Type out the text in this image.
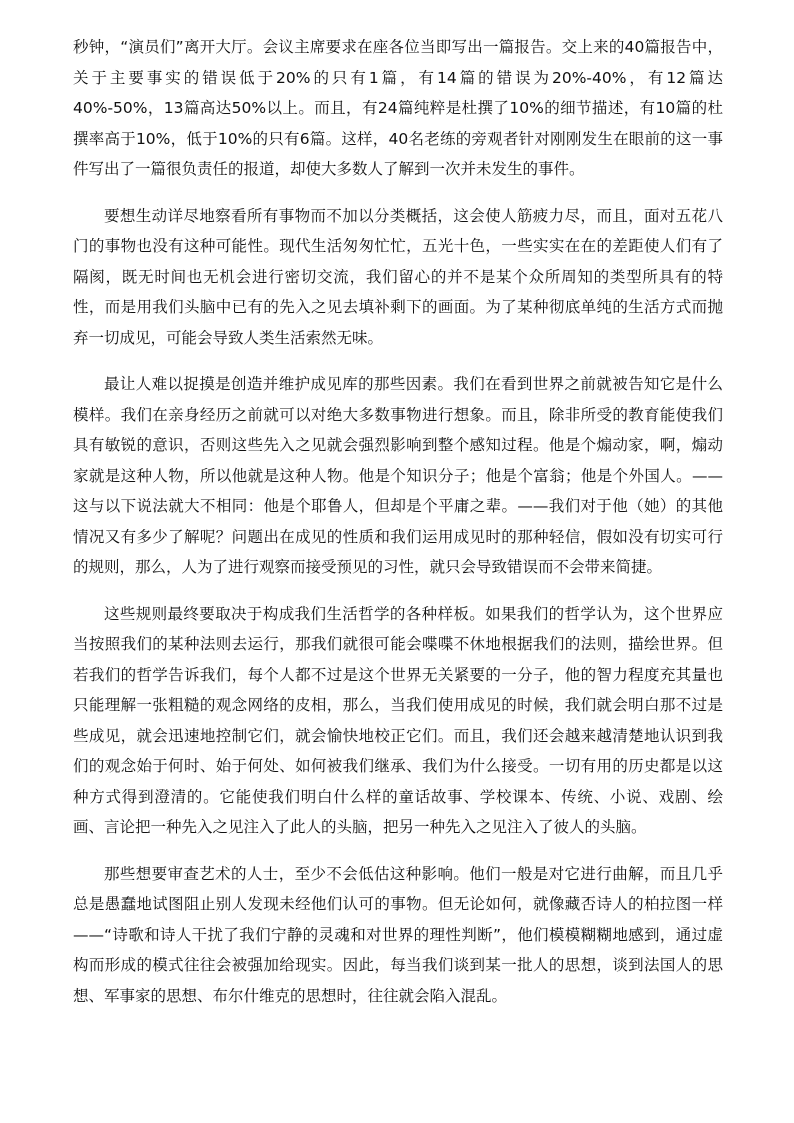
秒钟，“演员们”离开大厅。会议主席要求在座各位当即写出一篇报告。交上来的40篇报告中，关于主要事实的错误低于20%的只有1篇，有14篇的错误为20%-40%，有12篇达40%-50%，13篇高达50%以上。而且，有24篇纯粹是杜撰了10%的细节描述，有10篇的杜撰率高于10%，低于10%的只有6篇。这样，40名老练的旁观者针对刚刚发生在眼前的这一事件写出了一篇很负责任的报道，却使大多数人了解到一次并未发生的事件。

要想生动详尽地察看所有事物而不加以分类概括，这会使人筋疲力尽，而且，面对五花八门的事物也没有这种可能性。现代生活匆匆忙忙，五光十色，一些实实在在的差距使人们有了隔阂，既无时间也无机会进行密切交流，我们留心的并不是某个众所周知的类型所具有的特性，而是用我们头脑中已有的先入之见去填补剩下的画面。为了某种彻底单纯的生活方式而抛弃一切成见，可能会导致人类生活索然无味。

最让人难以捉摸是创造并维护成见库的那些因素。我们在看到世界之前就被告知它是什么模样。我们在亲身经历之前就可以对绝大多数事物进行想象。而且，除非所受的教育能使我们具有敏锐的意识，否则这些先入之见就会强烈影响到整个感知过程。他是个煽动家，啊，煽动家就是这种人物，所以他就是这种人物。他是个知识分子；他是个富翁；他是个外国人。——这与以下说法就大不相同：他是个耶鲁人，但却是个平庸之辈。——我们对于他（她）的其他情况又有多少了解呢？问题出在成见的性质和我们运用成见时的那种轻信，假如没有切实可行的规则，那么，人为了进行观察而接受预见的习性，就只会导致错误而不会带来简捷。

这些规则最终要取决于构成我们生活哲学的各种样板。如果我们的哲学认为，这个世界应当按照我们的某种法则去运行，那我们就很可能会喋喋不休地根据我们的法则，描绘世界。但若我们的哲学告诉我们，每个人都不过是这个世界无关紧要的一分子，他的智力程度充其量也只能理解一张粗糙的观念网络的皮相，那么，当我们使用成见的时候，我们就会明白那不过是些成见，就会迅速地控制它们，就会愉快地校正它们。而且，我们还会越来越清楚地认识到我们的观念始于何时、始于何处、如何被我们继承、我们为什么接受。一切有用的历史都是以这种方式得到澄清的。它能使我们明白什么样的童话故事、学校课本、传统、小说、戏剧、绘画、言论把一种先入之见注入了此人的头脑，把另一种先入之见注入了彼人的头脑。

那些想要审查艺术的人士，至少不会低估这种影响。他们一般是对它进行曲解，而且几乎总是愚蠢地试图阻止别人发现未经他们认可的事物。但无论如何，就像藏否诗人的柏拉图一样——“诗歌和诗人干扰了我们宁静的灵魂和对世界的理性判断”，他们模模糊糊地感到，通过虚构而形成的模式往往会被强加给现实。因此，每当我们谈到某一批人的思想，谈到法国人的思想、军事家的思想、布尔什维克的思想时，往往就会陷入混乱。
